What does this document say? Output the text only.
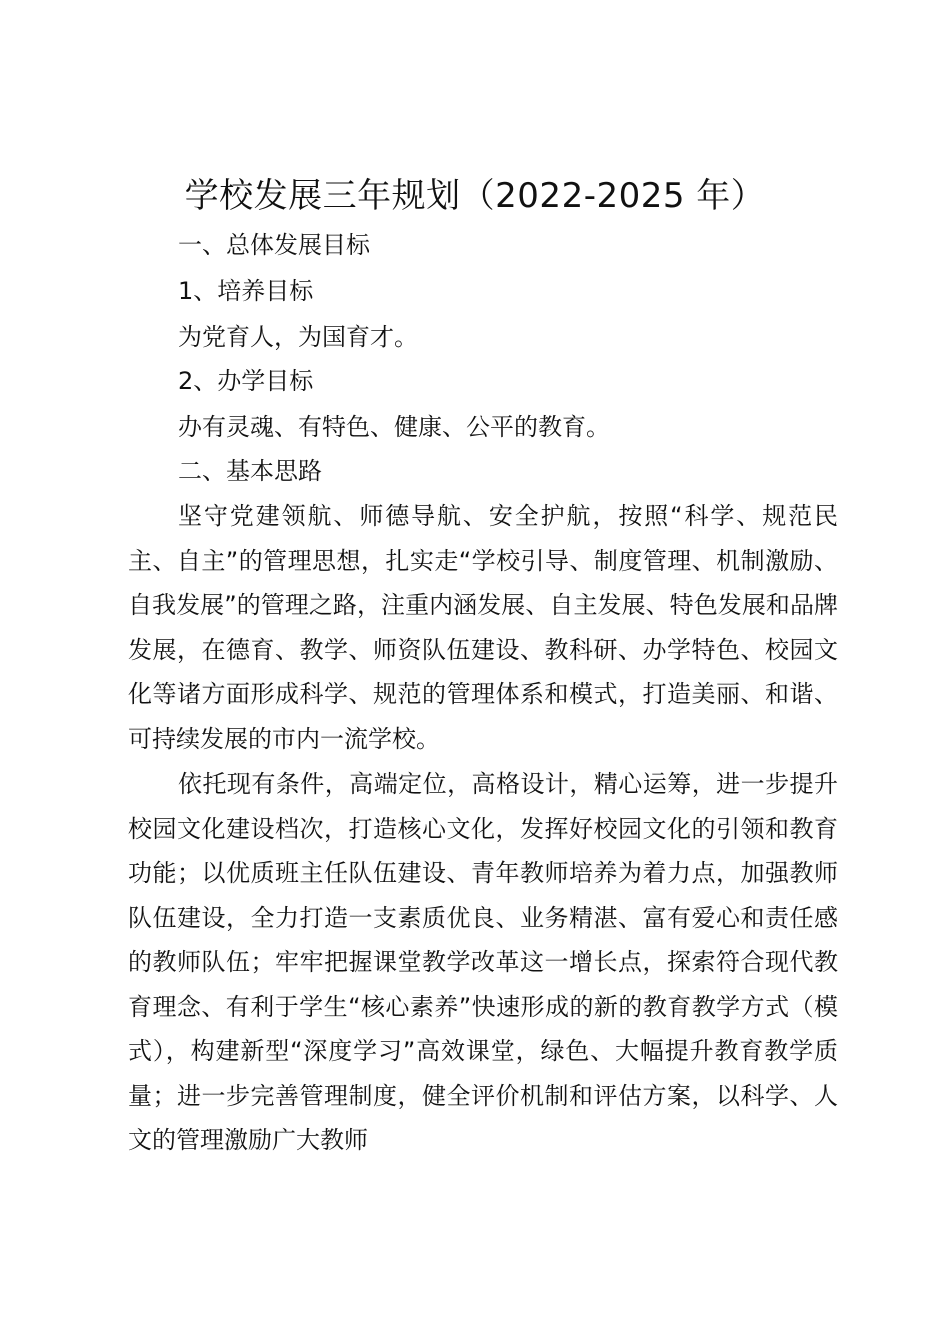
学校发展三年规划（2022-2025 年）

一、总体发展目标

1、培养目标

为党育人，为国育才。

2、办学目标

办有灵魂、有特色、健康、公平的教育。

二、基本思路

坚守党建领航、师德导航、安全护航，按照“科学、规范民主、自主”的管理思想，扎实走“学校引导、制度管理、机制激励、自我发展”的管理之路，注重内涵发展、自主发展、特色发展和品牌发展，在德育、教学、师资队伍建设、教科研、办学特色、校园文化等诸方面形成科学、规范的管理体系和模式，打造美丽、和谐、可持续发展的市内一流学校。

依托现有条件，高端定位，高格设计，精心运筹，进一步提升校园文化建设档次，打造核心文化，发挥好校园文化的引领和教育功能；以优质班主任队伍建设、青年教师培养为着力点，加强教师队伍建设，全力打造一支素质优良、业务精湛、富有爱心和责任感的教师队伍；牢牢把握课堂教学改革这一增长点，探索符合现代教育理念、有利于学生“核心素养”快速形成的新的教育教学方式（模式），构建新型“深度学习”高效课堂，绿色、大幅提升教育教学质量；进一步完善管理制度，健全评价机制和评估方案，以科学、人文的管理激励广大教师
